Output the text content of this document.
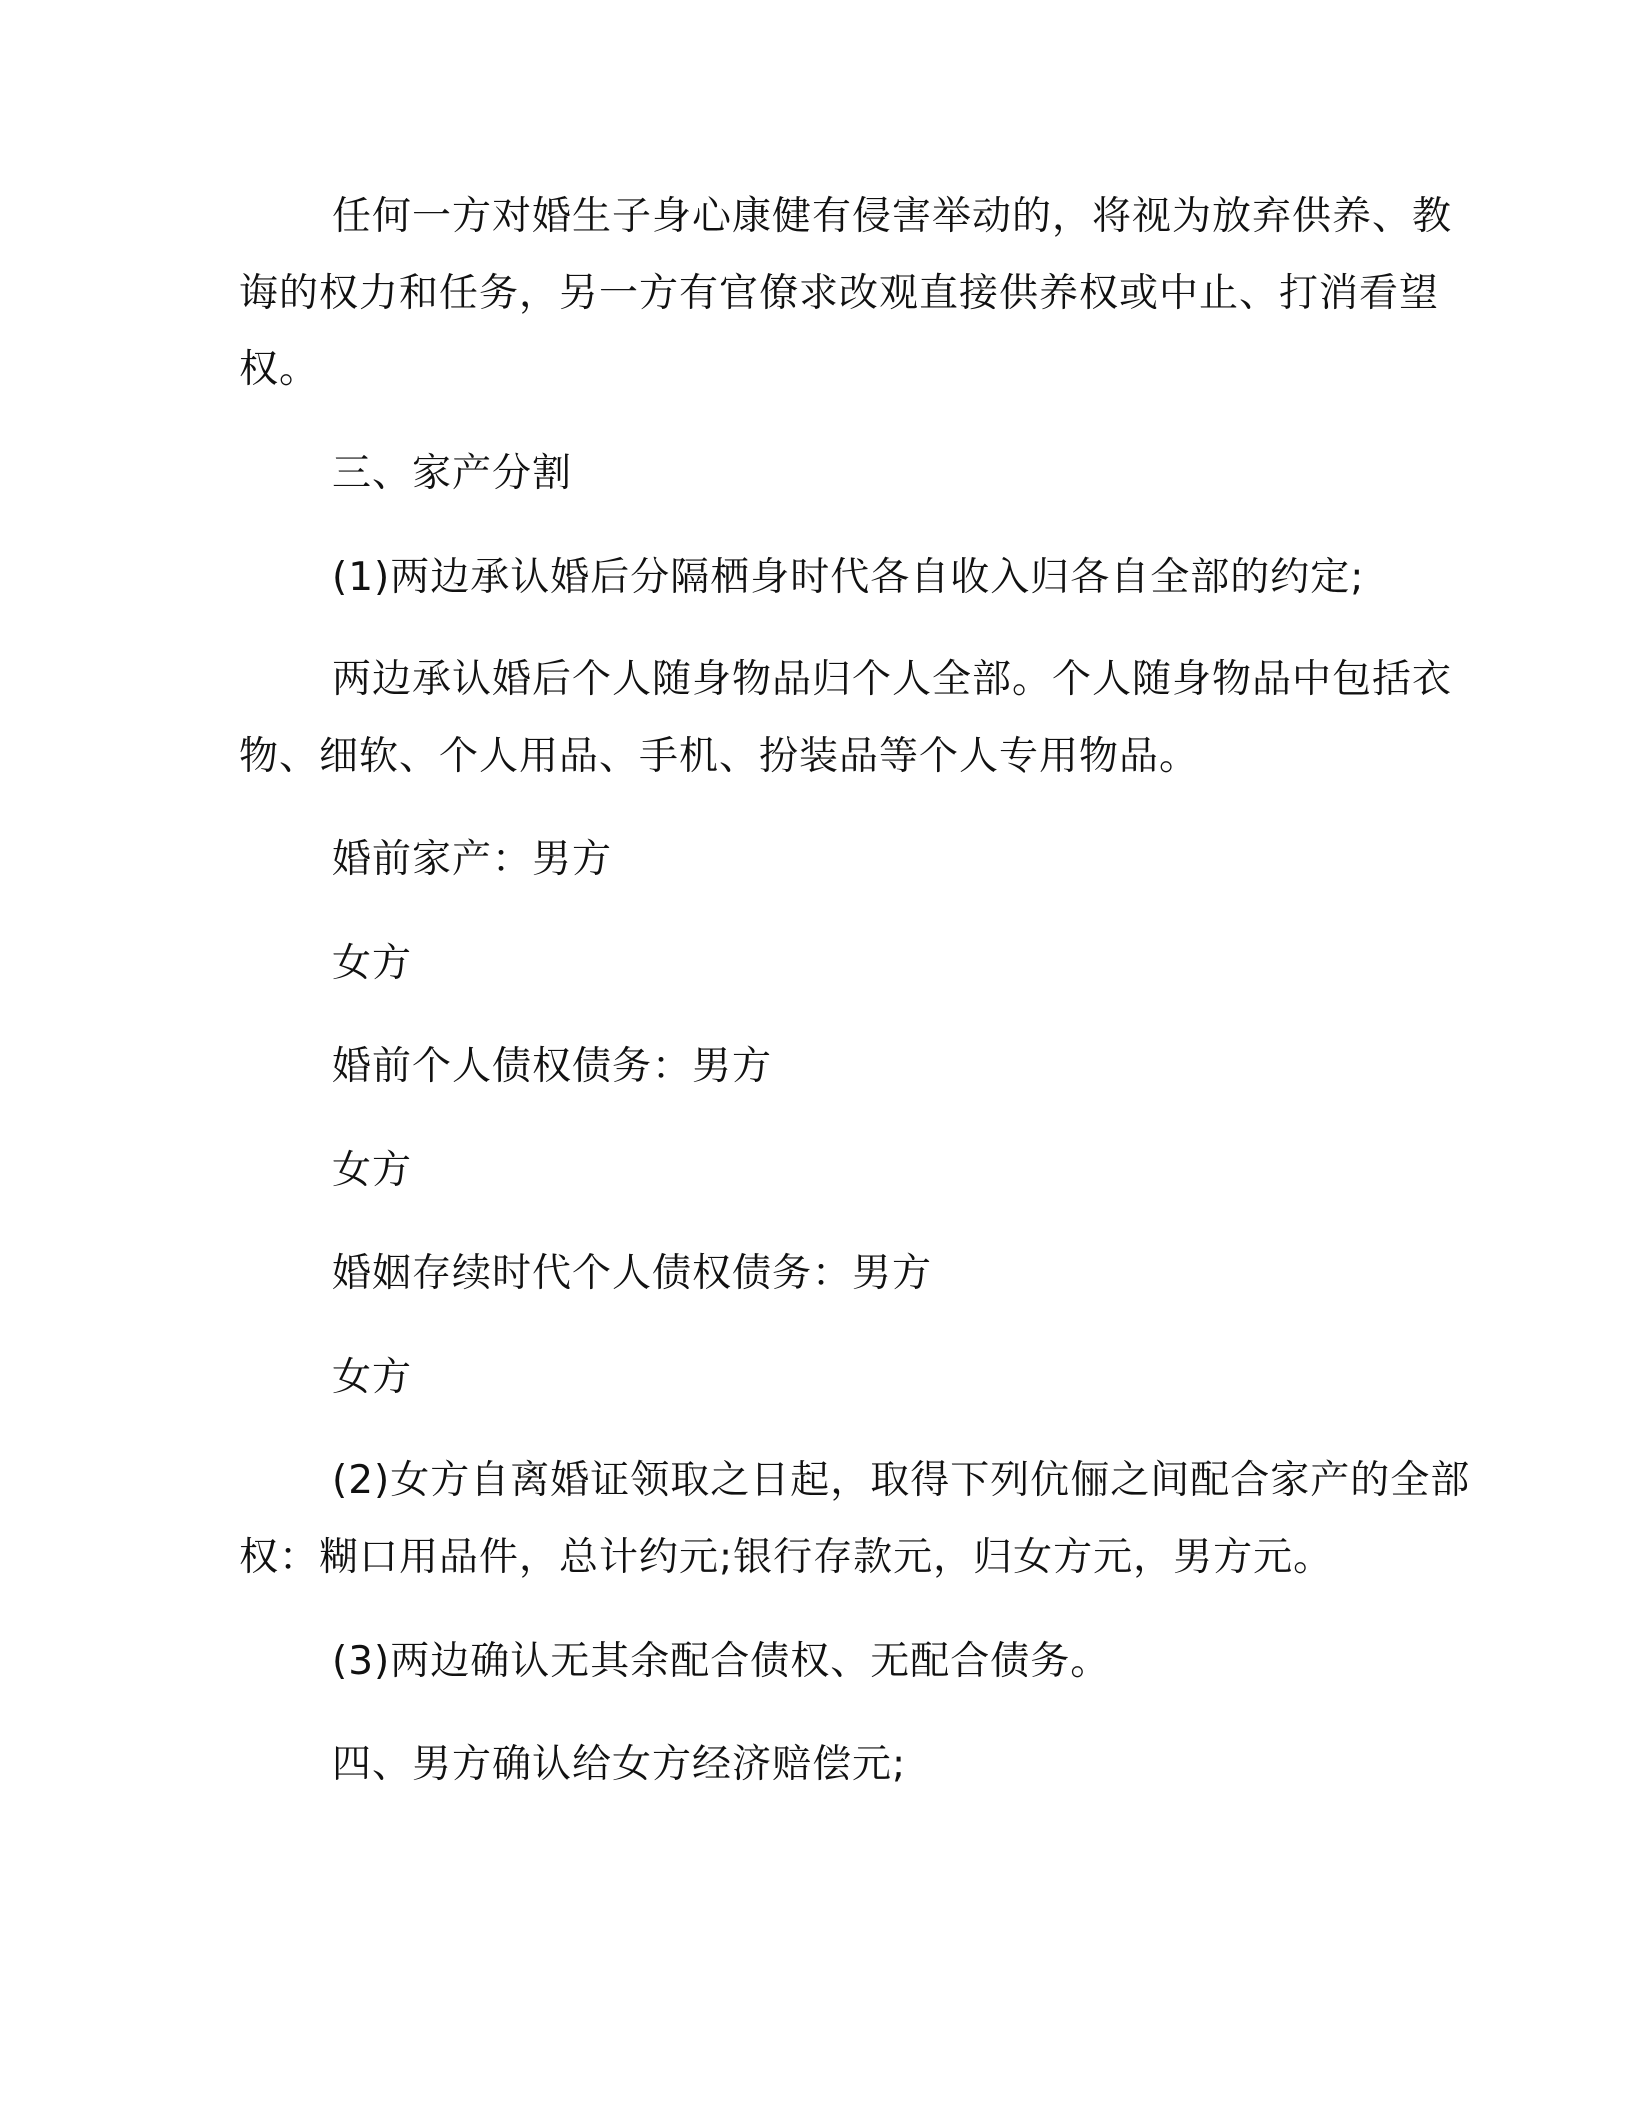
任何一方对婚生子身心康健有侵害举动的，将视为放弃供养、教

诲的权力和任务，另一方有官僚求改观直接供养权或中止、打消看望

权。

三、家产分割

(1)两边承认婚后分隔栖身时代各自收入归各自全部的约定;

两边承认婚后个人随身物品归个人全部。个人随身物品中包括衣

物、细软、个人用品、手机、扮装品等个人专用物品。

婚前家产：男方

女方

婚前个人债权债务：男方

女方

婚姻存续时代个人债权债务：男方

女方

(2)女方自离婚证领取之日起，取得下列伉俪之间配合家产的全部

权：糊口用品件，总计约元;银行存款元，归女方元，男方元。

(3)两边确认无其余配合债权、无配合债务。

四、男方确认给女方经济赔偿元;
